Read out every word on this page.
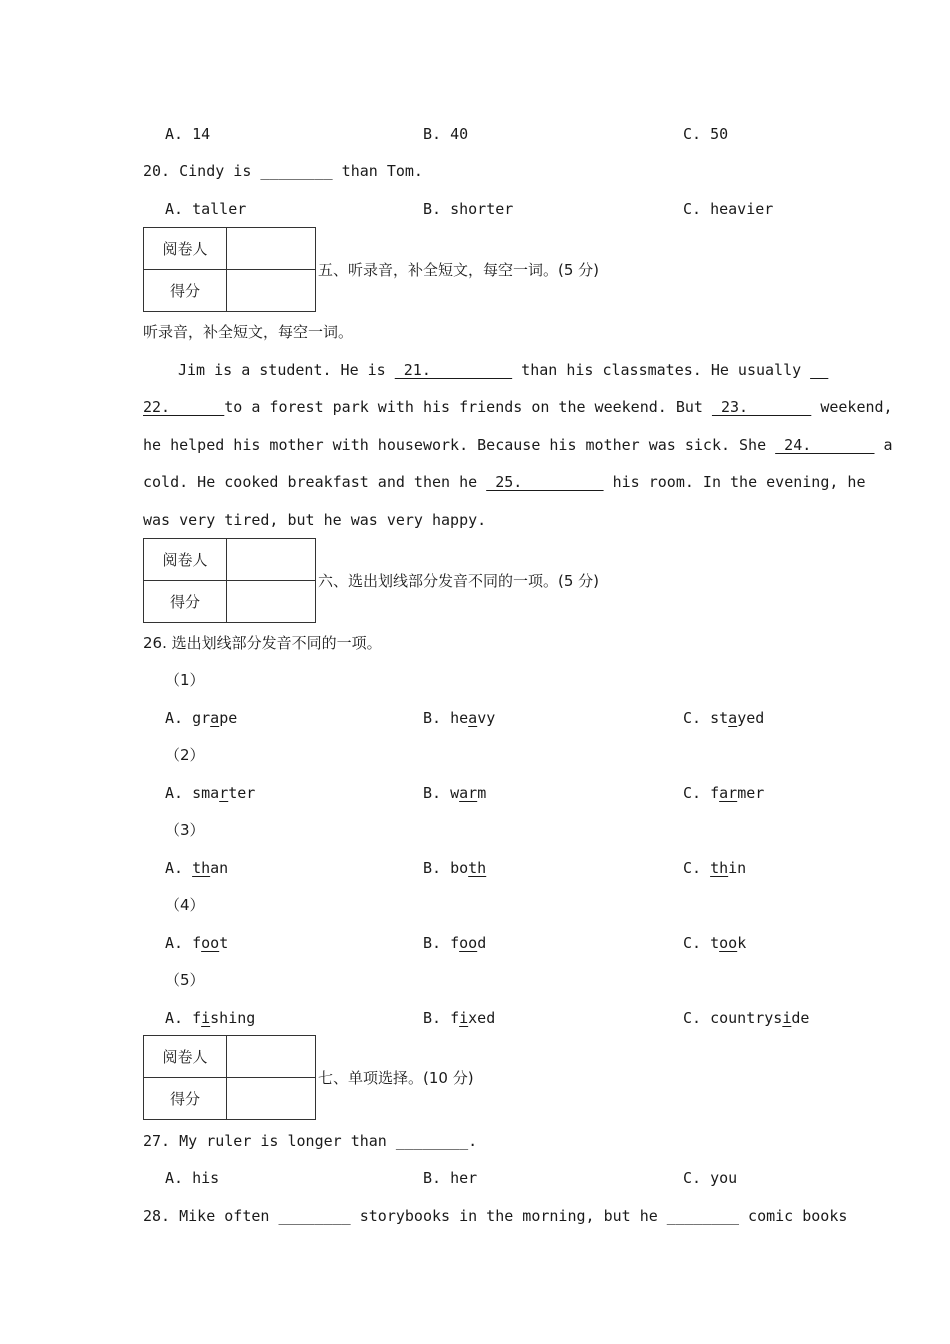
A. 14	B. 40	C. 50
20. Cindy is ________ than Tom.
A. taller	B. shorter	C. heavier
阅卷人	
得分	
五、听录音，补全短文，每空一词。(5 分)
听录音，补全短文，每空一词。
Jim is a student. He is  21.          than his classmates. He usually __
22.      to a forest park with his friends on the weekend. But  23.        weekend,
he helped his mother with housework. Because his mother was sick. She  24.        a
cold. He cooked breakfast and then he  25.          his room. In the evening, he
was very tired, but he was very happy.
阅卷人	
得分	
六、选出划线部分发音不同的一项。(5 分)
26. 选出划线部分发音不同的一项。
（1）
A. grape	B. heavy	C. stayed
（2）
A. smarter	B. warm	C. farmer
（3）
A. than	B. both	C. thin
（4）
A. foot	B. food	C. took
（5）
A. fishing	B. fixed	C. countryside
阅卷人	
得分	
七、单项选择。(10 分)
27. My ruler is longer than ________.
A. his	B. her	C. you
28. Mike often ________ storybooks in the morning, but he ________ comic books
